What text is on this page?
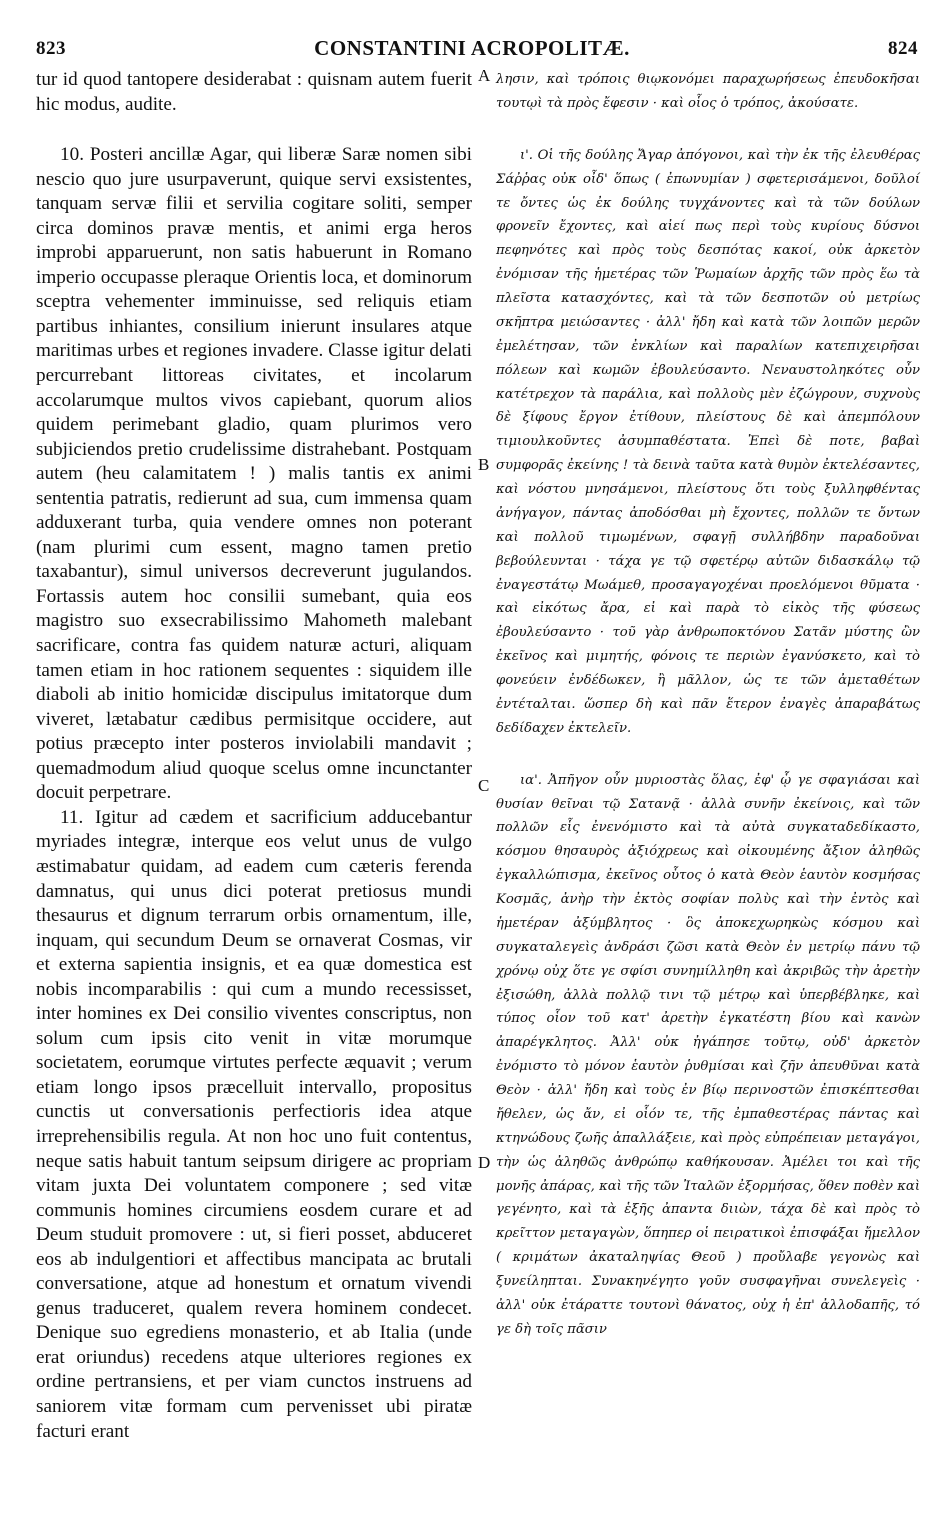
823	CONSTANTINI ACROPOLITÆ.	824

tur id quod tantopere desiderabat : quisnam autem fuerit hic modus, audite.

10. Posteri ancillæ Agar, qui liberæ Saræ nomen sibi nescio quo jure usurpaverunt, quique servi exsistentes, tanquam servæ filii et servilia cogitare soliti, semper circa dominos pravæ mentis, et animi erga heros improbi apparuerunt, non satis habuerunt in Romano imperio occupasse pleraque Orientis loca, et dominorum sceptra vehementer imminuisse, sed reliquis etiam partibus inhiantes, consilium inierunt insulares atque maritimas urbes et regiones invadere. Classe igitur delati percurrebant littoreas civitates, et incolarum accolarumque multos vivos capiebant, quorum alios quidem perimebant gladio, quam plurimos vero subjiciendos pretio crudelissime distrahebant. Postquam autem (heu calamitatem ! ) malis tantis ex animi sententia patratis, redierunt ad sua, cum immensa quam adduxerant turba, quia vendere omnes non poterant (nam plurimi cum essent, magno tamen pretio taxabantur), simul universos decreverunt jugulandos. Fortassis autem hoc consilii sumebant, quia eos magistro suo exsecrabilissimo Mahometh malebant sacrificare, contra fas quidem naturæ acturi, aliquam tamen etiam in hoc rationem sequentes : siquidem ille diaboli ab initio homicidæ discipulus imitatorque dum viveret, lætabatur cædibus permisitque occidere, aut potius præcepto inter posteros inviolabili mandavit ; quemadmodum aliud quoque scelus omne incunctanter docuit perpetrare.

11. Igitur ad cædem et sacrificium adducebantur myriades integræ, interque eos velut unus de vulgo æstimabatur quidam, ad eadem cum cæteris ferenda damnatus, qui unus dici poterat pretiosus mundi thesaurus et dignum terrarum orbis ornamentum, ille, inquam, qui secundum Deum se ornaverat Cosmas, vir et externa sapientia insignis, et ea quæ domestica est nobis incomparabilis : qui cum a mundo recessisset, inter homines ex Dei consilio viventes conscriptus, non solum cum ipsis cito venit in vitæ morumque societatem, eorumque virtutes perfecte æquavit ; verum etiam longo ipsos præcelluit intervallo, propositus cunctis ut conversationis perfectioris idea atque irreprehensibilis regula. At non hoc uno fuit contentus, neque satis habuit tantum seipsum dirigere ac propriam vitam juxta Dei voluntatem componere ; sed vitæ communis homines circumiens eosdem curare et ad Deum studuit promovere : ut, si fieri posset, abduceret eos ab indulgentiori et affectibus mancipata ac brutali conversatione, atque ad honestum et ornatum vivendi genus traduceret, qualem revera hominem condecet. Denique suo egrediens monasterio, et ab Italia (unde erat oriundus) recedens atque ulteriores regiones ex ordine pertransiens, et per viam cunctos instruens ad saniorem vitæ formam cum pervenisset ubi piratæ facturi erant

λησιν, καὶ τρόποις θιῳκονόμει παραχωρήσεως ἐπευδοκῆσαι τουτῳὶ τὰ πρὸς ἔφεσιν · καὶ οἷος ὁ τρόπος, ἀκούσατε.

ι'. Οἱ τῆς δούλης Ἄγαρ ἀπόγονοι, καὶ τὴν ἐκ τῆς ἐλευθέρας Σάῤῥας οὐκ οἶδ' ὅπως ( ἐπωνυμίαν ) σφετερισάμενοι, δοῦλοί τε ὄντες ὡς ἐκ δούλης τυγχάνοντες καὶ τὰ τῶν δούλων φρονεῖν ἔχοντες, καὶ αἰεί πως περὶ τοὺς κυρίους δύσνοι πεφηνότες καὶ πρὸς τοὺς δεσπότας κακοί, οὐκ ἀρκετὸν ἐνόμισαν τῆς ἡμετέρας τῶν Ῥωμαίων ἀρχῆς τῶν πρὸς ἕω τὰ πλεῖστα κατασχόντες, καὶ τὰ τῶν δεσποτῶν οὐ μετρίως σκῆπτρα μειώσαντες · ἀλλ' ἤδη καὶ κατὰ τῶν λοιπῶν μερῶν ἐμελέτησαν, τῶν ἐνκλίων καὶ παραλίων κατεπιχειρῆσαι πόλεων καὶ κωμῶν ἐβουλεύσαντο. Νεναυστοληκότες οὖν κατέτρεχον τὰ παράλια, καὶ πολλοὺς μὲν ἐζώγρουν, συχνοὺς δὲ ξίφους ἔργον ἐτίθουν, πλείστους δὲ καὶ ἀπεμπόλουν τιμιουλκοῦντες ἀσυμπαθέστατα. Ἐπεὶ δὲ ποτε, βαβαὶ συμφορᾶς ἐκείνης ! τὰ δεινὰ ταῦτα κατὰ θυμὸν ἐκτελέσαντες, καὶ νόστου μνησάμενοι, πλείστους ὅτι τοὺς ξυλληφθέντας ἀνήγαγον, πάντας ἀποδόσθαι μὴ ἔχοντες, πολλῶν τε ὄντων καὶ πολλοῦ τιμωμένων, σφαγῇ συλλήβδην παραδοῦναι βεβούλευνται · τάχα γε τῷ σφετέρῳ αὐτῶν διδασκάλῳ τῷ ἐναγεστάτῳ Μωάμεθ, προσαγαγοχέναι προελόμενοι θῦματα · καὶ εἰκότως ἄρα, εἰ καὶ παρὰ τὸ εἰκὸς τῆς φύσεως ἐβουλεύσαντο · τοῦ γὰρ ἀνθρωποκτόνου Σατᾶν μύστης ὢν ἐκεῖνος καὶ μιμητής, φόνοις τε περιὼν ἐγανύσκετο, καὶ τὸ φονεύειν ἐνδέδωκεν, ἢ μᾶλλον, ὡς τε τῶν ἀμεταθέτων ἐντέταλται. ὥσπερ δὴ καὶ πᾶν ἕτερον ἐναγὲς ἀπαραβάτως δεδίδαχεν ἐκτελεῖν.

ια'. Ἀπῆγον οὖν μυριοστὰς ὅλας, ἐφ' ᾧ γε σφαγιάσαι καὶ θυσίαν θεῖναι τῷ Σατανᾷ · ἀλλὰ συνῆν ἐκείνοις, καὶ τῶν πολλῶν εἷς ἐνενόμιστο καὶ τὰ αὐτὰ συγκαταδεδίκαστο, κόσμου θησαυρὸς ἀξιόχρεως καὶ οἰκουμένης ἄξιον ἀληθῶς ἐγκαλλώπισμα, ἐκεῖνος οὗτος ὁ κατὰ Θεὸν ἑαυτὸν κοσμήσας Κοσμᾶς, ἀνὴρ τὴν ἐκτὸς σοφίαν πολὺς καὶ τὴν ἐντὸς καὶ ἡμετέραν ἀξύμβλητος · ὃς ἀποκεχωρηκὼς κόσμου καὶ συγκαταλεγεὶς ἀνδράσι ζῶσι κατὰ Θεὸν ἐν μετρίῳ πάνυ τῷ χρόνῳ οὐχ ὅτε γε σφίσι συνημίλληθη καὶ ἀκριβῶς τὴν ἀρετὴν ἐξισώθη, ἀλλὰ πολλῷ τινι τῷ μέτρῳ καὶ ὑπερβέβληκε, καὶ τύπος οἷον τοῦ κατ' ἀρετὴν ἐγκατέστη βίου καὶ κανὼν ἀπαρέγκλητος. Ἀλλ' οὐκ ἠγάπησε τοῦτῳ, οὐδ' ἀρκετὸν ἐνόμιστο τὸ μόνον ἑαυτὸν ῥυθμίσαι καὶ ζῆν ἀπευθῦναι κατὰ Θεὸν · ἀλλ' ἤδη καὶ τοὺς ἐν βίῳ περινοστῶν ἐπισκέπτεσθαι ἤθελεν, ὡς ἄν, εἰ οἷόν τε, τῆς ἐμπαθεστέρας πάντας καὶ κτηνώδους ζωῆς ἀπαλλάξειε, καὶ πρὸς εὐπρέπειαν μεταγάγοι, τὴν ὡς ἀληθῶς ἀνθρώπῳ καθήκουσαν. Ἀμέλει τοι καὶ τῆς μονῆς ἀπάρας, καὶ τῆς τῶν Ἰταλῶν ἐξορμήσας, ὅθεν ποθὲν καὶ γεγένητο, καὶ τὰ ἑξῆς ἀπαντα διιὼν, τάχα δὲ καὶ πρὸς τὸ κρεῖττον μεταγαγὼν, ὅπηπερ οἱ πειρατικοὶ ἐπισφάξαι ἤμελλον ( κριμάτων ἀκαταληψίας Θεοῦ ) προὔλαβε γεγονὼς καὶ ξυνείληπται. Συνακηνέγητο γοῦν συσφαγῆναι συνελεγεὶς · ἀλλ' οὐκ ἐτάραττε τουτονὶ θάνατος, οὐχ ἡ ἐπ' ἀλλοδαπῆς, τό γε δὴ τοῖς πᾶσιν

A
B
C
D
